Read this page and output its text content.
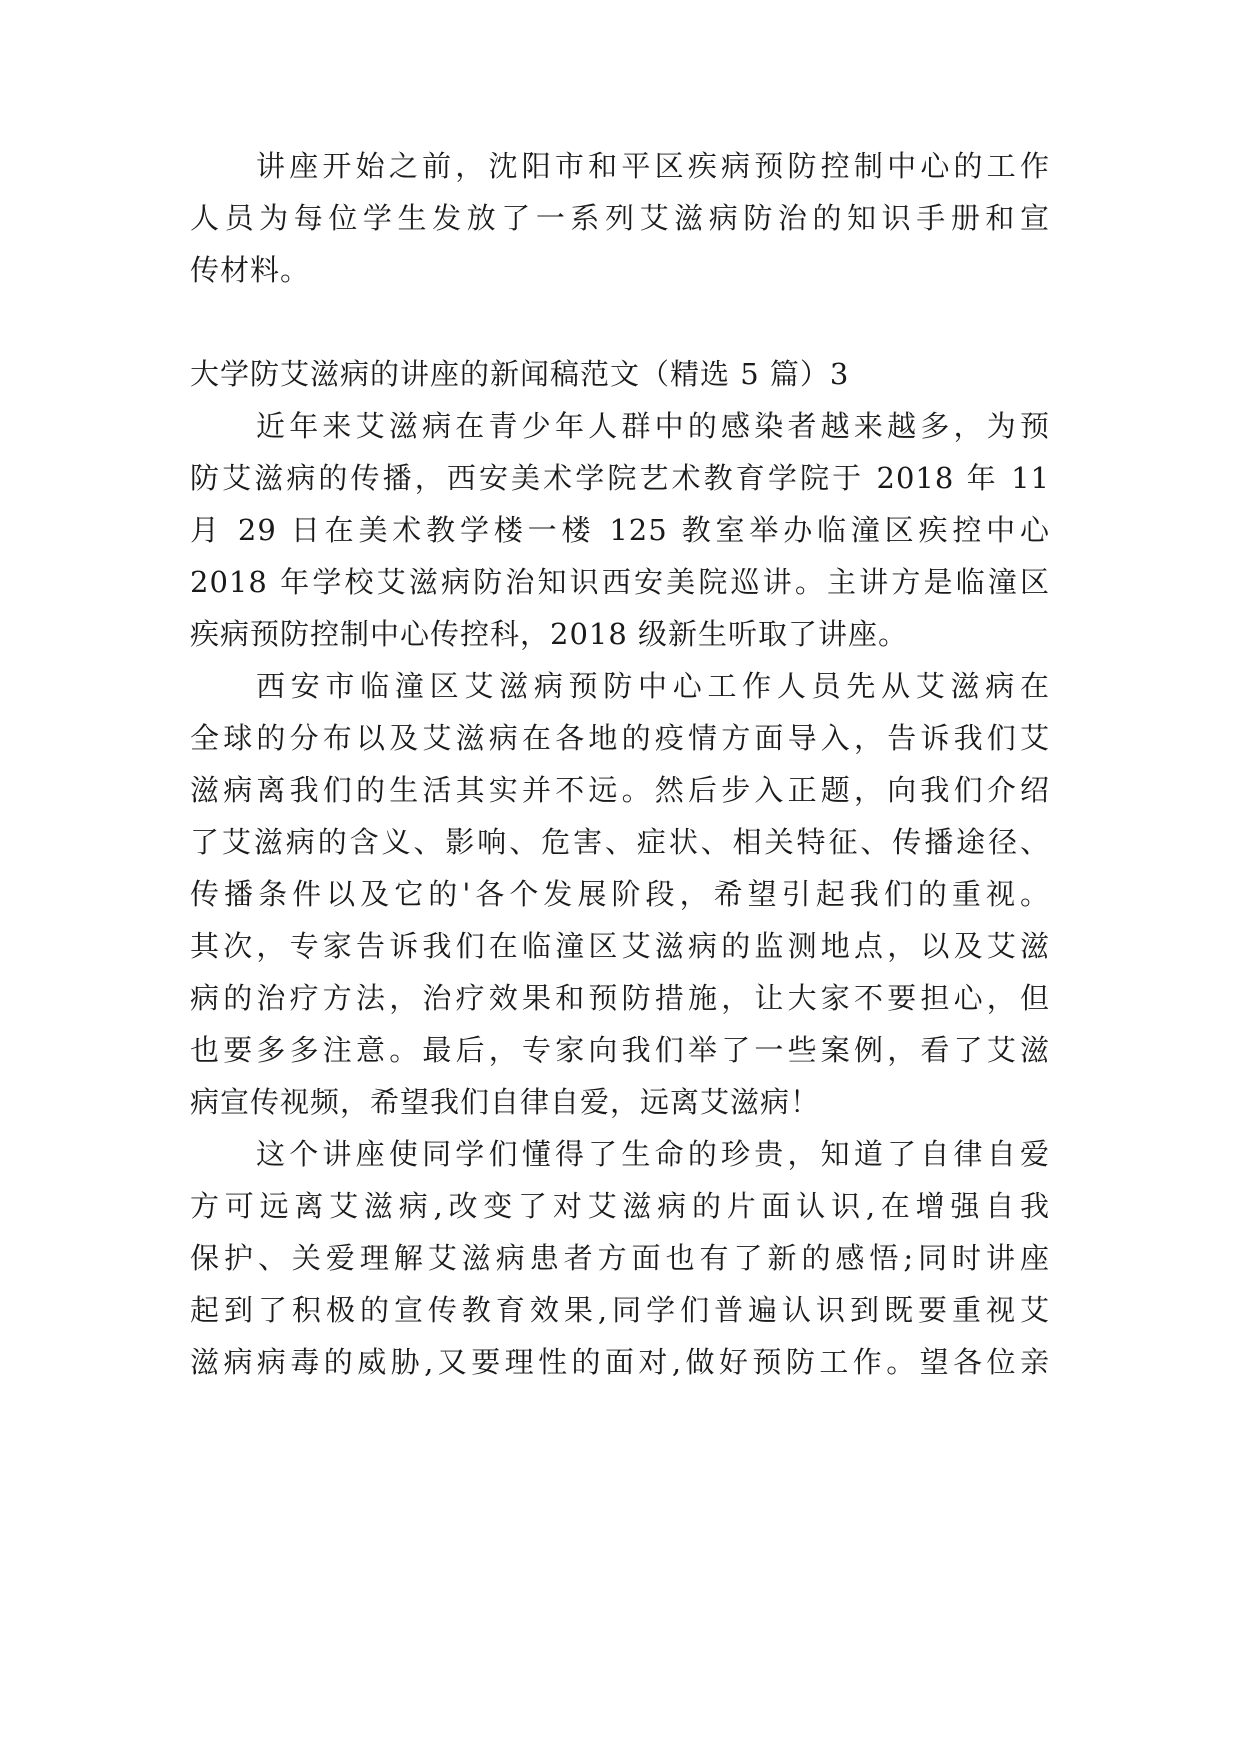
讲座开始之前，沈阳市和平区疾病预防控制中心的工作
人员为每位学生发放了一系列艾滋病防治的知识手册和宣
传材料。
大学防艾滋病的讲座的新闻稿范文（精选 5 篇）3
近年来艾滋病在青少年人群中的感染者越来越多，为预
防艾滋病的传播，西安美术学院艺术教育学院于 2018 年 11
月 29 日在美术教学楼一楼 125 教室举办临潼区疾控中心
2018 年学校艾滋病防治知识西安美院巡讲。主讲方是临潼区
疾病预防控制中心传控科，2018 级新生听取了讲座。
西安市临潼区艾滋病预防中心工作人员先从艾滋病在
全球的分布以及艾滋病在各地的疫情方面导入，告诉我们艾
滋病离我们的生活其实并不远。然后步入正题，向我们介绍
了艾滋病的含义、影响、危害、症状、相关特征、传播途径、
传播条件以及它的'各个发展阶段，希望引起我们的重视。
其次，专家告诉我们在临潼区艾滋病的监测地点，以及艾滋
病的治疗方法，治疗效果和预防措施，让大家不要担心，但
也要多多注意。最后，专家向我们举了一些案例，看了艾滋
病宣传视频，希望我们自律自爱，远离艾滋病！
这个讲座使同学们懂得了生命的珍贵，知道了自律自爱
方可远离艾滋病,改变了对艾滋病的片面认识,在增强自我
保护、关爱理解艾滋病患者方面也有了新的感悟;同时讲座
起到了积极的宣传教育效果,同学们普遍认识到既要重视艾
滋病病毒的威胁,又要理性的面对,做好预防工作。望各位亲
